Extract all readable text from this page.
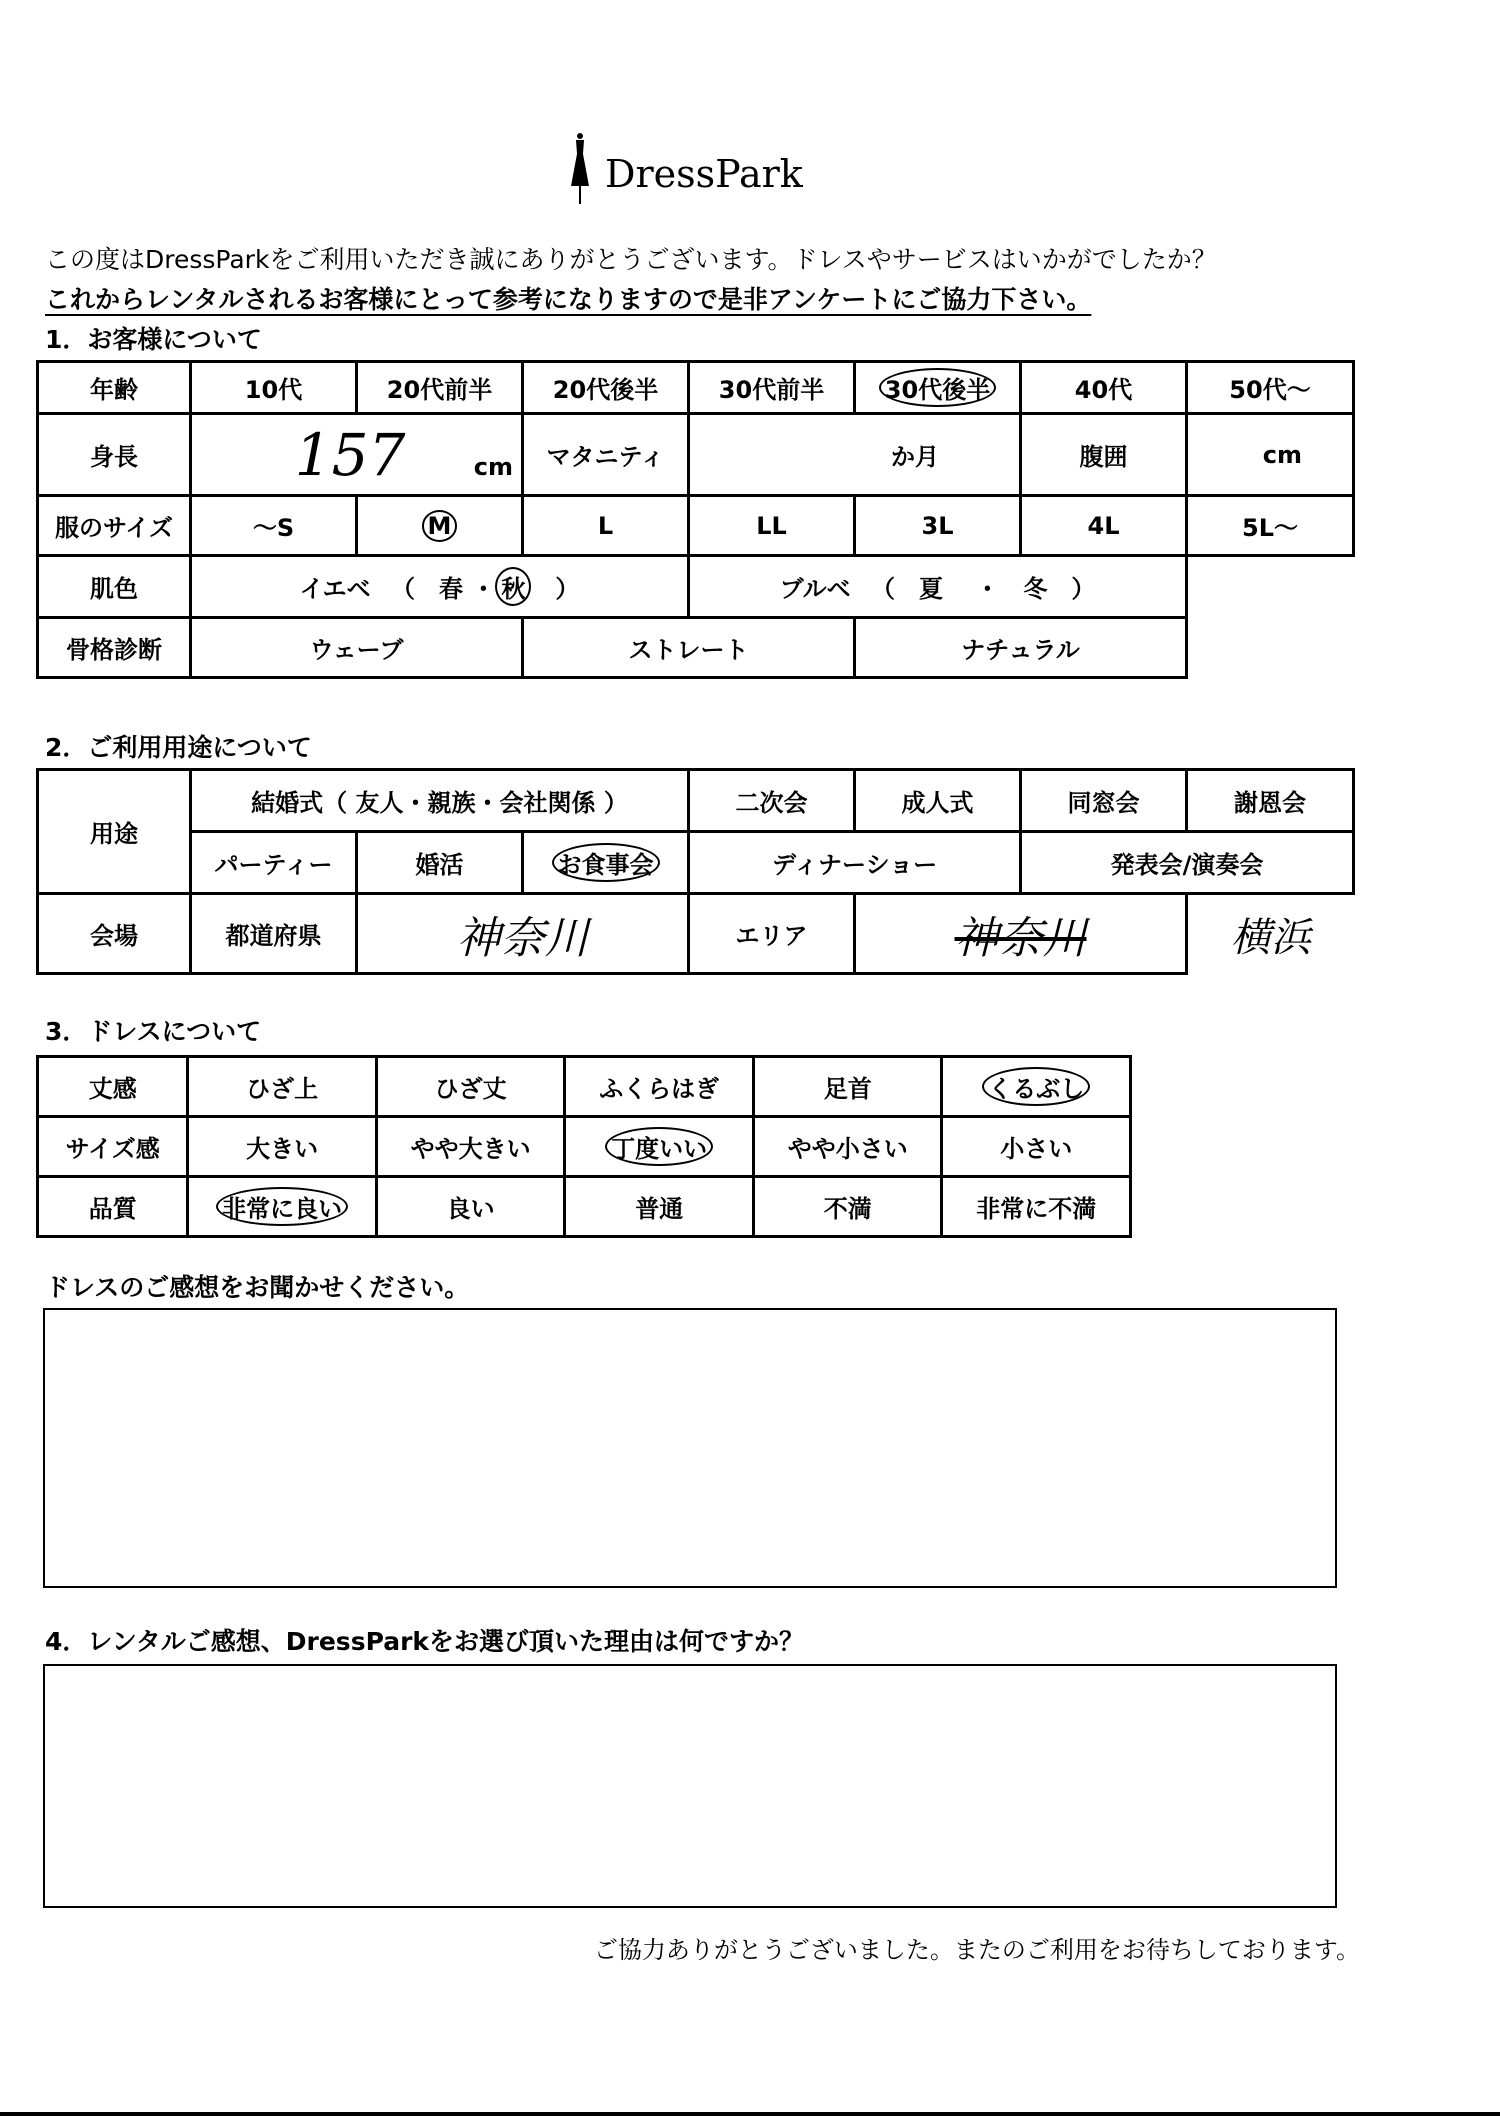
DressPark
この度はDressParkをご利用いただき誠にありがとうございます。ドレスやサービスはいかがでしたか？
これからレンタルされるお客様にとって参考になりますので是非アンケートにご協力下さい。
1．お客様について
年齢	10代	20代前半	20代後半	30代前半	30代後半	40代	50代～
身長	157 cm		マタニティ	か月		腹囲	cm
服のサイズ	～S	M	L	LL	3L	4L	5L～
肌色	イエベ 　（　春 ・ 秋　）			ブルベ 　（　夏 　・　冬　）			
骨格診断	ウェーブ		ストレート		ナチュラル		
2．ご利用用途について
用途	結婚式（ 友人・親族・会社関係 ）			二次会	成人式	同窓会	謝恩会
	パーティー	婚活	お食事会	ディナーショー		発表会/演奏会	
会場	都道府県	神奈川		エリア	神奈川		横浜
3．ドレスについて
丈感	ひざ上	ひざ丈	ふくらはぎ	足首	くるぶし
サイズ感	大きい	やや大きい	丁度いい	やや小さい	小さい
品質	非常に良い	良い	普通	不満	非常に不満
ドレスのご感想をお聞かせください。
4．レンタルご感想、DressParkをお選び頂いた理由は何ですか？
ご協力ありがとうございました。またのご利用をお待ちしております。
